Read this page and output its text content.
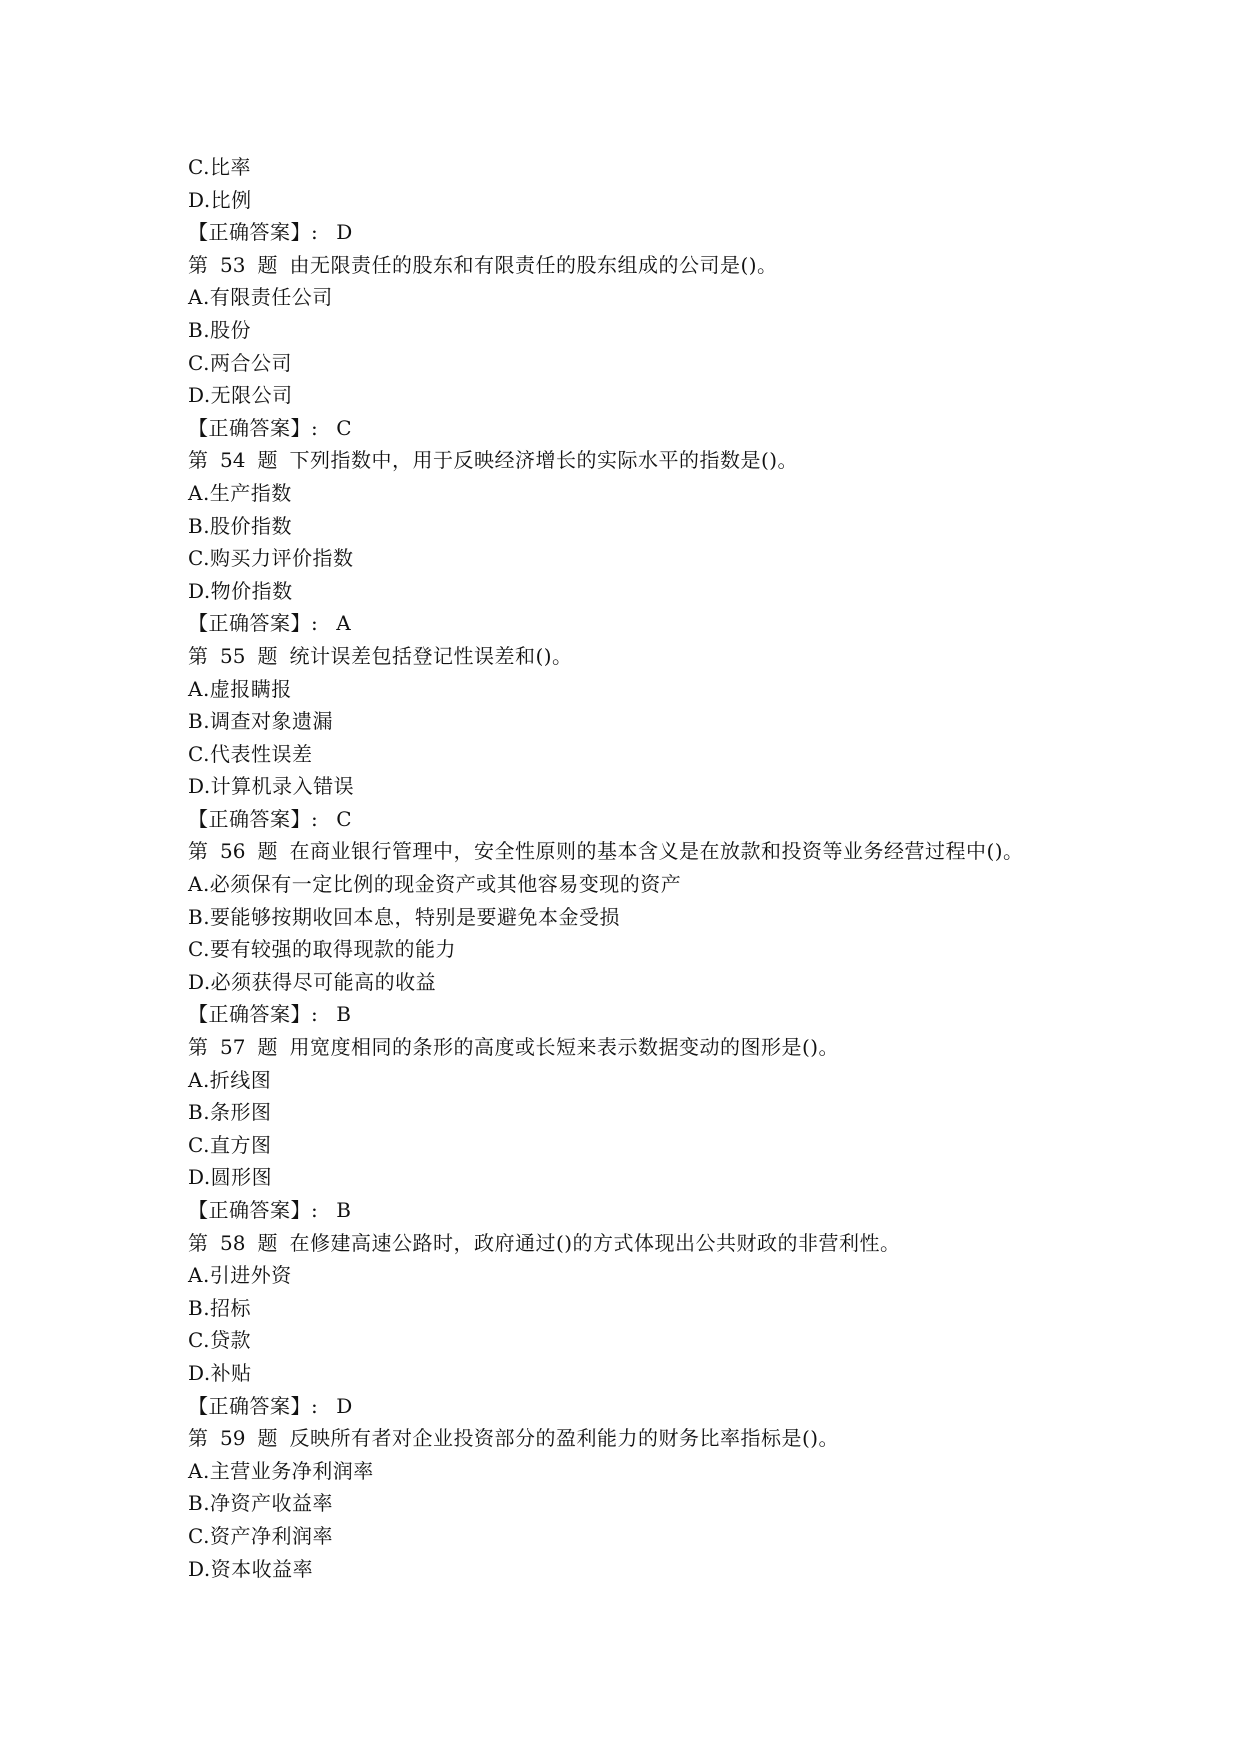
C.比率
D.比例
【正确答案】: D
第 53 题 由无限责任的股东和有限责任的股东组成的公司是()。
A.有限责任公司
B.股份
C.两合公司
D.无限公司
【正确答案】: C
第 54 题 下列指数中，用于反映经济增长的实际水平的指数是()。
A.生产指数
B.股价指数
C.购买力评价指数
D.物价指数
【正确答案】: A
第 55 题 统计误差包括登记性误差和()。
A.虚报瞒报
B.调查对象遗漏
C.代表性误差
D.计算机录入错误
【正确答案】: C
第 56 题 在商业银行管理中，安全性原则的基本含义是在放款和投资等业务经营过程中()。
A.必须保有一定比例的现金资产或其他容易变现的资产
B.要能够按期收回本息，特别是要避免本金受损
C.要有较强的取得现款的能力
D.必须获得尽可能高的收益
【正确答案】: B
第 57 题 用宽度相同的条形的高度或长短来表示数据变动的图形是()。
A.折线图
B.条形图
C.直方图
D.圆形图
【正确答案】: B
第 58 题 在修建高速公路时，政府通过()的方式体现出公共财政的非营利性。
A.引进外资
B.招标
C.贷款
D.补贴
【正确答案】: D
第 59 题 反映所有者对企业投资部分的盈利能力的财务比率指标是()。
A.主营业务净利润率
B.净资产收益率
C.资产净利润率
D.资本收益率
